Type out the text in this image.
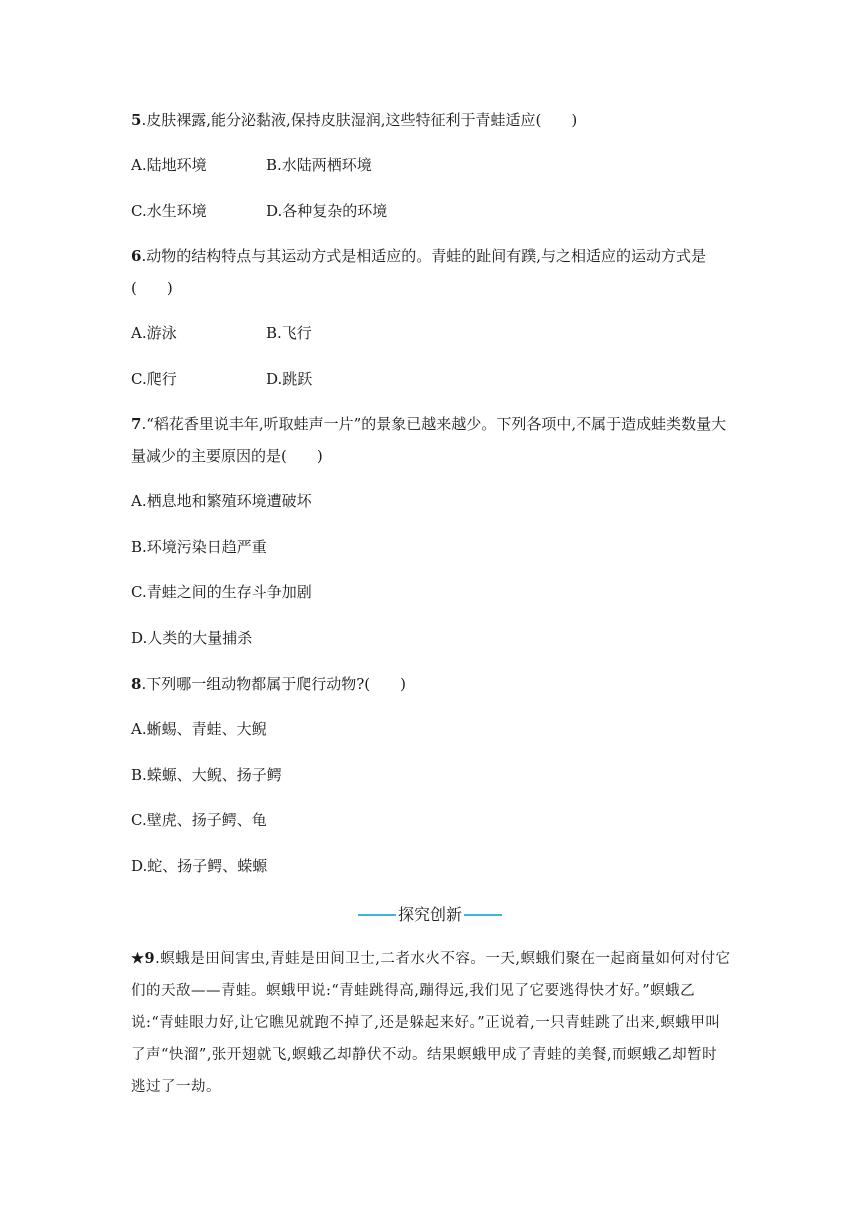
5.皮肤裸露,能分泌黏液,保持皮肤湿润,这些特征利于青蛙适应(　　)
A.陆地环境	B.水陆两栖环境
C.水生环境	D.各种复杂的环境
6.动物的结构特点与其运动方式是相适应的。青蛙的趾间有蹼,与之相适应的运动方式是
(　　)
A.游泳	B.飞行
C.爬行	D.跳跃
7.“稻花香里说丰年,听取蛙声一片”的景象已越来越少。下列各项中,不属于造成蛙类数量大
量减少的主要原因的是(　　)
A.栖息地和繁殖环境遭破坏
B.环境污染日趋严重
C.青蛙之间的生存斗争加剧
D.人类的大量捕杀
8.下列哪一组动物都属于爬行动物?(　　)
A.蜥蜴、青蛙、大鲵
B.蝾螈、大鲵、扬子鳄
C.壁虎、扬子鳄、龟
D.蛇、扬子鳄、蝾螈
探究创新
★9.螟蛾是田间害虫,青蛙是田间卫士,二者水火不容。一天,螟蛾们聚在一起商量如何对付它
们的天敌——青蛙。螟蛾甲说:“青蛙跳得高,蹦得远,我们见了它要逃得快才好。”螟蛾乙
说:“青蛙眼力好,让它瞧见就跑不掉了,还是躲起来好。”正说着,一只青蛙跳了出来,螟蛾甲叫
了声“快溜”,张开翅就飞,螟蛾乙却静伏不动。结果螟蛾甲成了青蛙的美餐,而螟蛾乙却暂时
逃过了一劫。
